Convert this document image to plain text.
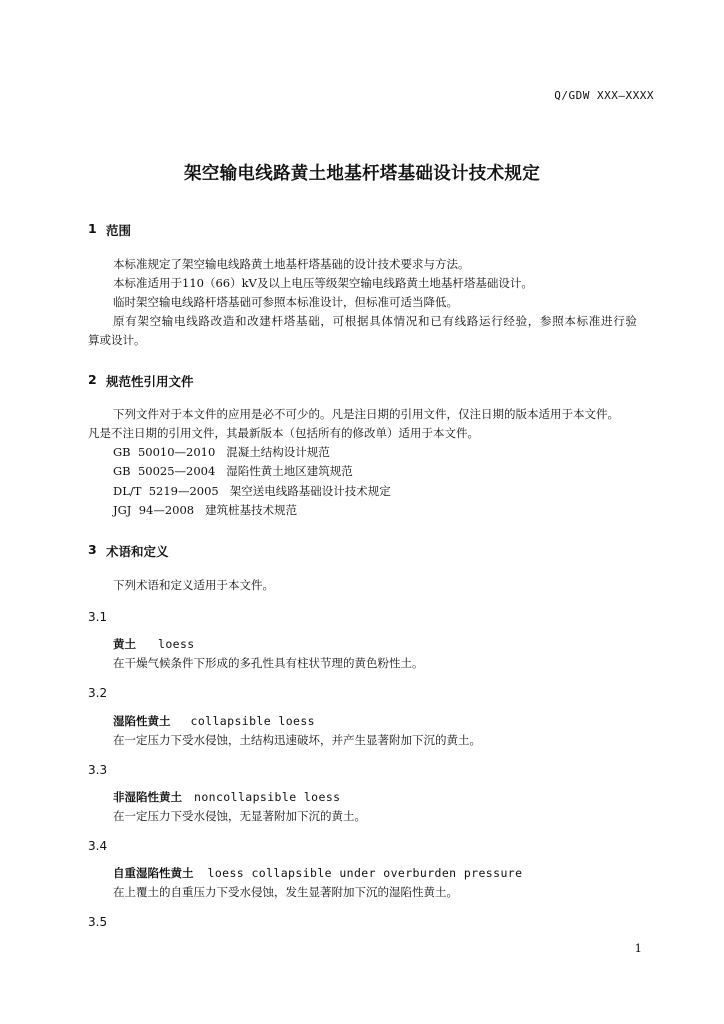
Q/GDW XXX—XXXX
架空输电线路黄土地基杆塔基础设计技术规定
1 范围
本标准规定了架空输电线路黄土地基杆塔基础的设计技术要求与方法。
本标准适用于110（66）kV及以上电压等级架空输电线路黄土地基杆塔基础设计。
临时架空输电线路杆塔基础可参照本标准设计，但标准可适当降低。
原有架空输电线路改造和改建杆塔基础，可根据具体情况和已有线路运行经验，参照本标准进行验
算或设计。
2 规范性引用文件
下列文件对于本文件的应用是必不可少的。凡是注日期的引用文件，仅注日期的版本适用于本文件。
凡是不注日期的引用文件，其最新版本（包括所有的修改单）适用于本文件。
GB  50010—2010   混凝土结构设计规范
GB  50025—2004   湿陷性黄土地区建筑规范
DL/T  5219—2005   架空送电线路基础设计技术规定
JGJ  94—2008   建筑桩基技术规范
3 术语和定义
下列术语和定义适用于本文件。
3.1
黄土 loess
在干燥气候条件下形成的多孔性具有柱状节理的黄色粉性土。
3.2
湿陷性黄土 collapsible loess
在一定压力下受水侵蚀，土结构迅速破坏，并产生显著附加下沉的黄土。
3.3
非湿陷性黄土 noncollapsible loess
在一定压力下受水侵蚀，无显著附加下沉的黄土。
3.4
自重湿陷性黄土 loess collapsible under overburden pressure
在上覆土的自重压力下受水侵蚀，发生显著附加下沉的湿陷性黄土。
3.5
1
